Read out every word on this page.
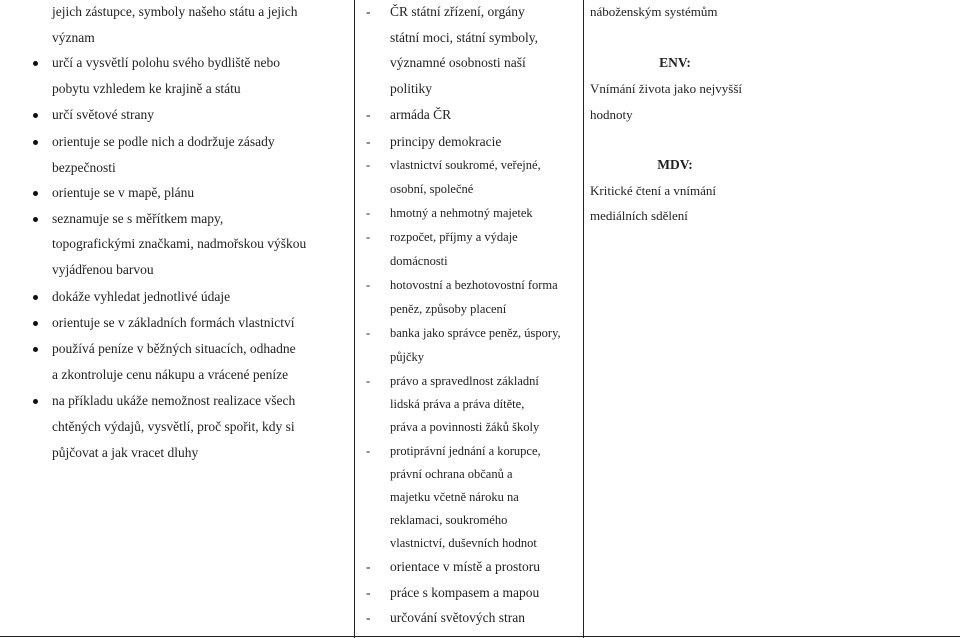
jejich zástupce, symboly našeho státu a jejich
význam
určí a vysvětlí polohu svého bydliště nebo
pobytu vzhledem ke krajině a státu
určí světové strany
orientuje se podle nich a dodržuje zásady
bezpečnosti
orientuje se v mapě, plánu
seznamuje se s měřítkem mapy,
topografickými značkami, nadmořskou výškou
vyjádřenou barvou
dokáže vyhledat jednotlivé údaje
orientuje se v základních formách vlastnictví
používá peníze v běžných situacích, odhadne
a zkontroluje cenu nákupu a vrácené peníze
na příkladu ukáže nemožnost realizace všech
chtěných výdajů, vysvětlí, proč spořit, kdy si
půjčovat a jak vracet dluhy
- ČR státní zřízení, orgány
státní moci, státní symboly,
významné osobnosti naší
politiky
- armáda ČR
- principy demokracie
- vlastnictví soukromé, veřejné,
osobní, společné
- hmotný a nehmotný majetek
- rozpočet, příjmy a výdaje
domácnosti
- hotovostní a bezhotovostní forma
peněz, způsoby placení
- banka jako správce peněz, úspory,
půjčky
- právo a spravedlnost základní
lidská práva a práva dítěte,
práva a povinnosti žáků školy
- protiprávní jednání a korupce,
právní ochrana občanů a
majetku včetně nároku na
reklamaci, soukromého
vlastnictví, duševních hodnot
- orientace v místě a prostoru
- práce s kompasem a mapou
- určování světových stran
náboženským systémům
ENV:
Vnímání života jako nejvyšší
hodnoty
MDV:
Kritické čtení a vnímání
mediálních sdělení
